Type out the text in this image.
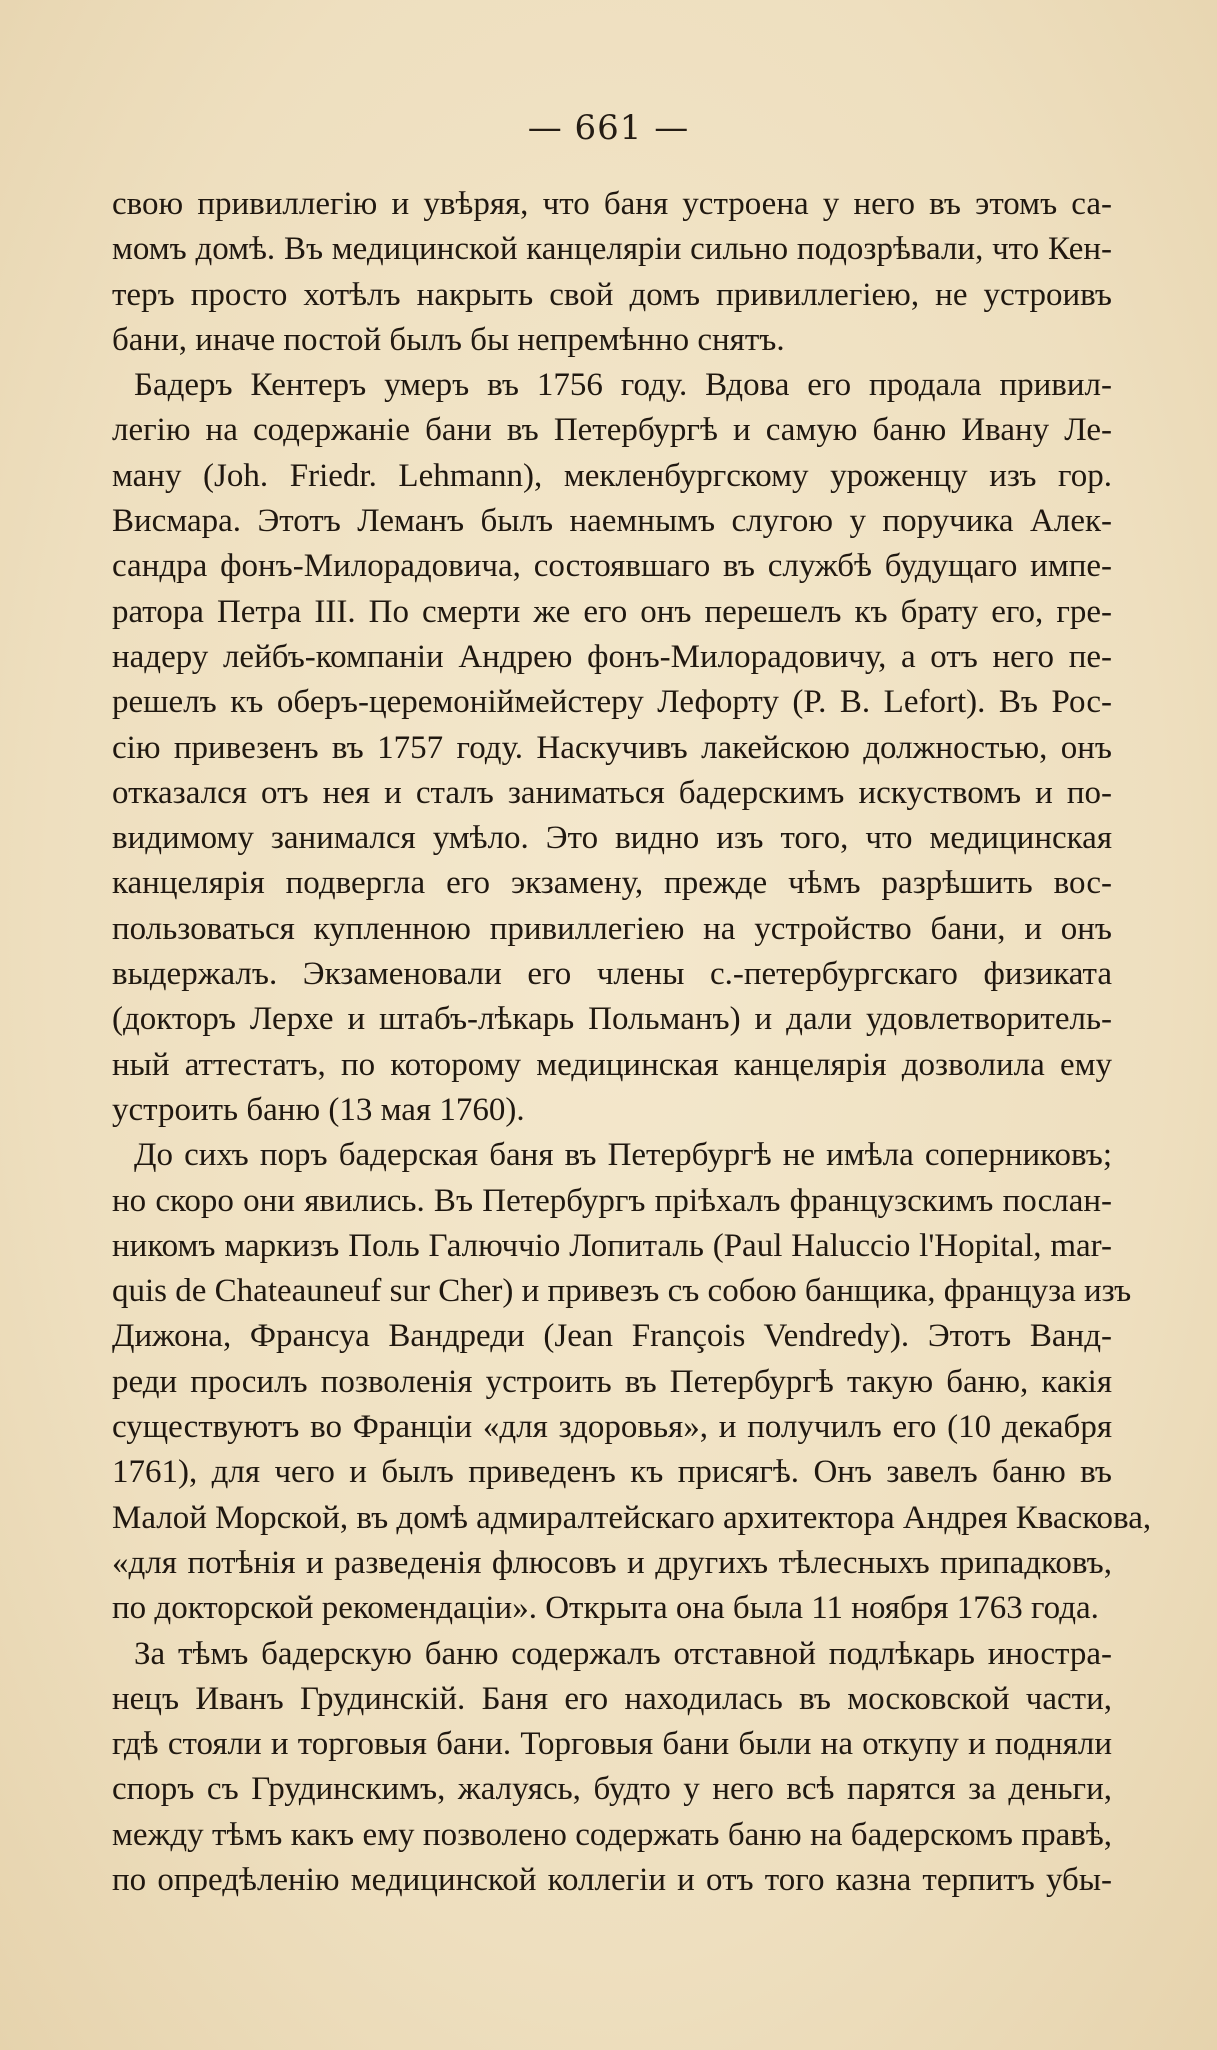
— 661 —
свою привиллегію и увѣряя, что баня устроена у него въ этомъ са-
момъ домѣ. Въ медицинской канцеляріи сильно подозрѣвали, что Кен-
теръ просто хотѣлъ накрыть свой домъ привиллегіею, не устроивъ
бани, иначе постой былъ бы непремѣнно снятъ.
Бадеръ Кентеръ умеръ въ 1756 году. Вдова его продала привил-
легію на содержаніе бани въ Петербургѣ и самую баню Ивану Ле-
ману (Joh. Friedr. Lehmann), мекленбургскому уроженцу изъ гор.
Висмара. Этотъ Леманъ былъ наемнымъ слугою у поручика Алек-
сандра фонъ-Милорадовича, состоявшаго въ службѣ будущаго импе-
ратора Петра III. По смерти же его онъ перешелъ къ брату его, гре-
надеру лейбъ-компаніи Андрею фонъ-Милорадовичу, а отъ него пе-
решелъ къ оберъ-церемоніймейстеру Лефорту (P. B. Lefort). Въ Рос-
сію привезенъ въ 1757 году. Наскучивъ лакейскою должностью, онъ
отказался отъ нея и сталъ заниматься бадерскимъ искуствомъ и по-
видимому занимался умѣло. Это видно изъ того, что медицинская
канцелярія подвергла его экзамену, прежде чѣмъ разрѣшить вос-
пользоваться купленною привиллегіею на устройство бани, и онъ
выдержалъ. Экзаменовали его члены с.-петербургскаго физиката
(докторъ Лерхе и штабъ-лѣкарь Польманъ) и дали удовлетворитель-
ный аттестатъ, по которому медицинская канцелярія дозволила ему
устроить баню (13 мая 1760).
До сихъ поръ бадерская баня въ Петербургѣ не имѣла соперниковъ;
но скоро они явились. Въ Петербургъ пріѣхалъ французскимъ послан-
никомъ маркизъ Поль Галюччіо Лопиталь (Paul Haluccio l'Hopital, mar-
quis de Chateauneuf sur Cher) и привезъ съ собою банщика, француза изъ
Дижона, Франсуа Вандреди (Jean François Vendredy). Этотъ Ванд-
реди просилъ позволенія устроить въ Петербургѣ такую баню, какія
существуютъ во Франціи «для здоровья», и получилъ его (10 декабря
1761), для чего и былъ приведенъ къ присягѣ. Онъ завелъ баню въ
Малой Морской, въ домѣ адмиралтейскаго архитектора Андрея Кваскова,
«для потѣнія и разведенія флюсовъ и другихъ тѣлесныхъ припадковъ,
по докторской рекомендаціи». Открыта она была 11 ноября 1763 года.
За тѣмъ бадерскую баню содержалъ отставной подлѣкарь иностра-
нецъ Иванъ Грудинскій. Баня его находилась въ московской части,
гдѣ стояли и торговыя бани. Торговыя бани были на откупу и подняли
споръ съ Грудинскимъ, жалуясь, будто у него всѣ парятся за деньги,
между тѣмъ какъ ему позволено содержать баню на бадерскомъ правѣ,
по опредѣленію медицинской коллегіи и отъ того казна терпитъ убы-
